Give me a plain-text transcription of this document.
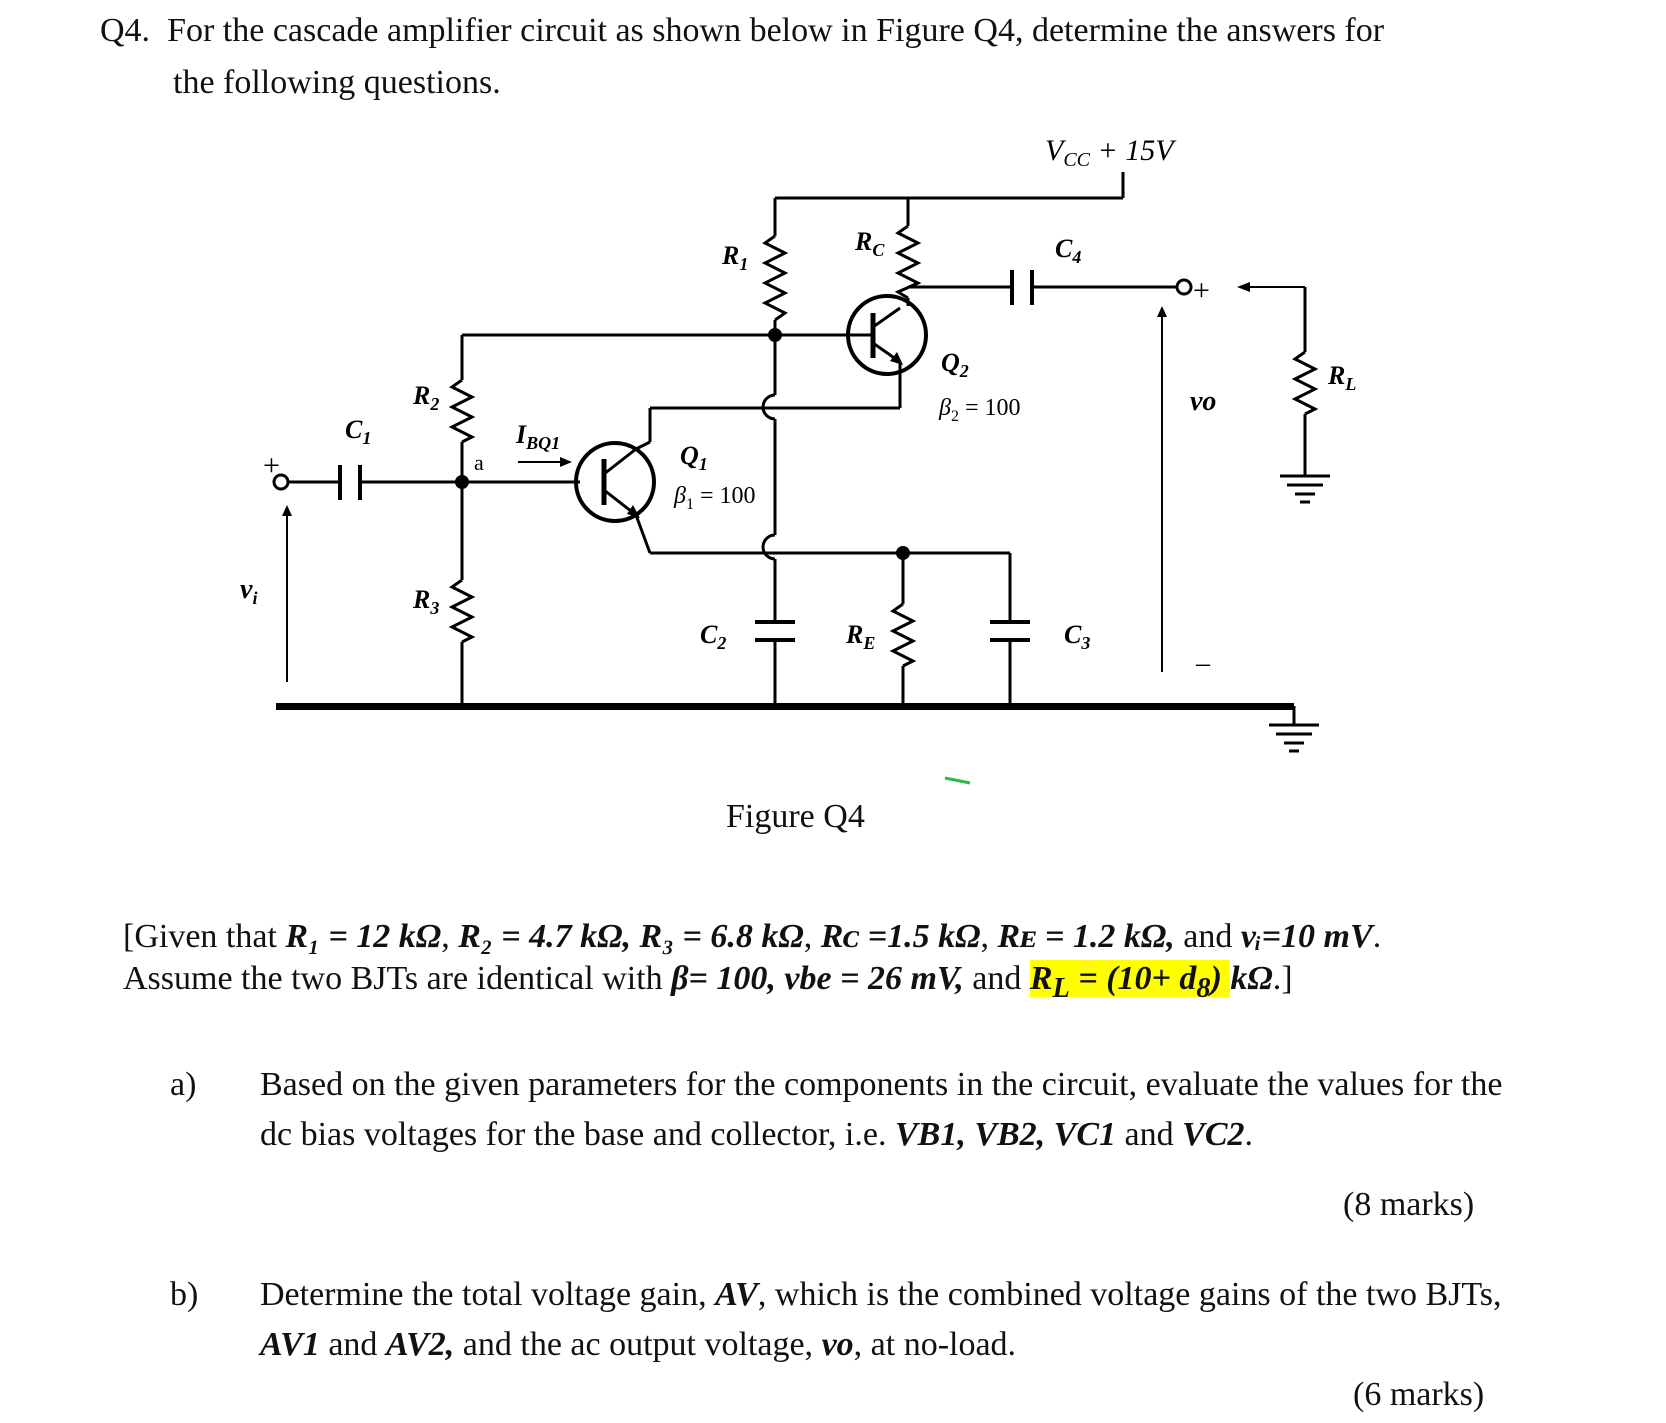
Q4. For the cascade amplifier circuit as shown below in Figure Q4, determine the answers for
the following questions.
$V_{CC} + 15V$
$R_1$
$R_C$	$C_4$
$Q_2$
$\beta_2 = 100$
$R_2$
$I_{BQ1}$
a
$C_1$
$Q_1$
$\beta_1 = 100$
+
$v_i$	$R_3$
$C_2$	$R_E$	$C_3$
+
vo
–
$R_L$
Figure Q4
[Given that R₁ = 12 kΩ, R₂ = 4.7 kΩ, R₃ = 6.8 kΩ, Rᴄ =1.5 kΩ, Rᴇ = 1.2 kΩ, and vᵢ=10 mV.
Assume the two BJTs are identical with β= 100, vbe = 26 mV, and $R_L = (10+ d_8)$ kΩ.]
a) Based on the given parameters for the components in the circuit, evaluate the values for the dc bias voltages for the base and collector, i.e. VB1, VB2, VC1 and VC2.
(8 marks)
b) Determine the total voltage gain, AV, which is the combined voltage gains of the two BJTs, AV1 and AV2, and the ac output voltage, vo, at no-load.
(6 marks)
